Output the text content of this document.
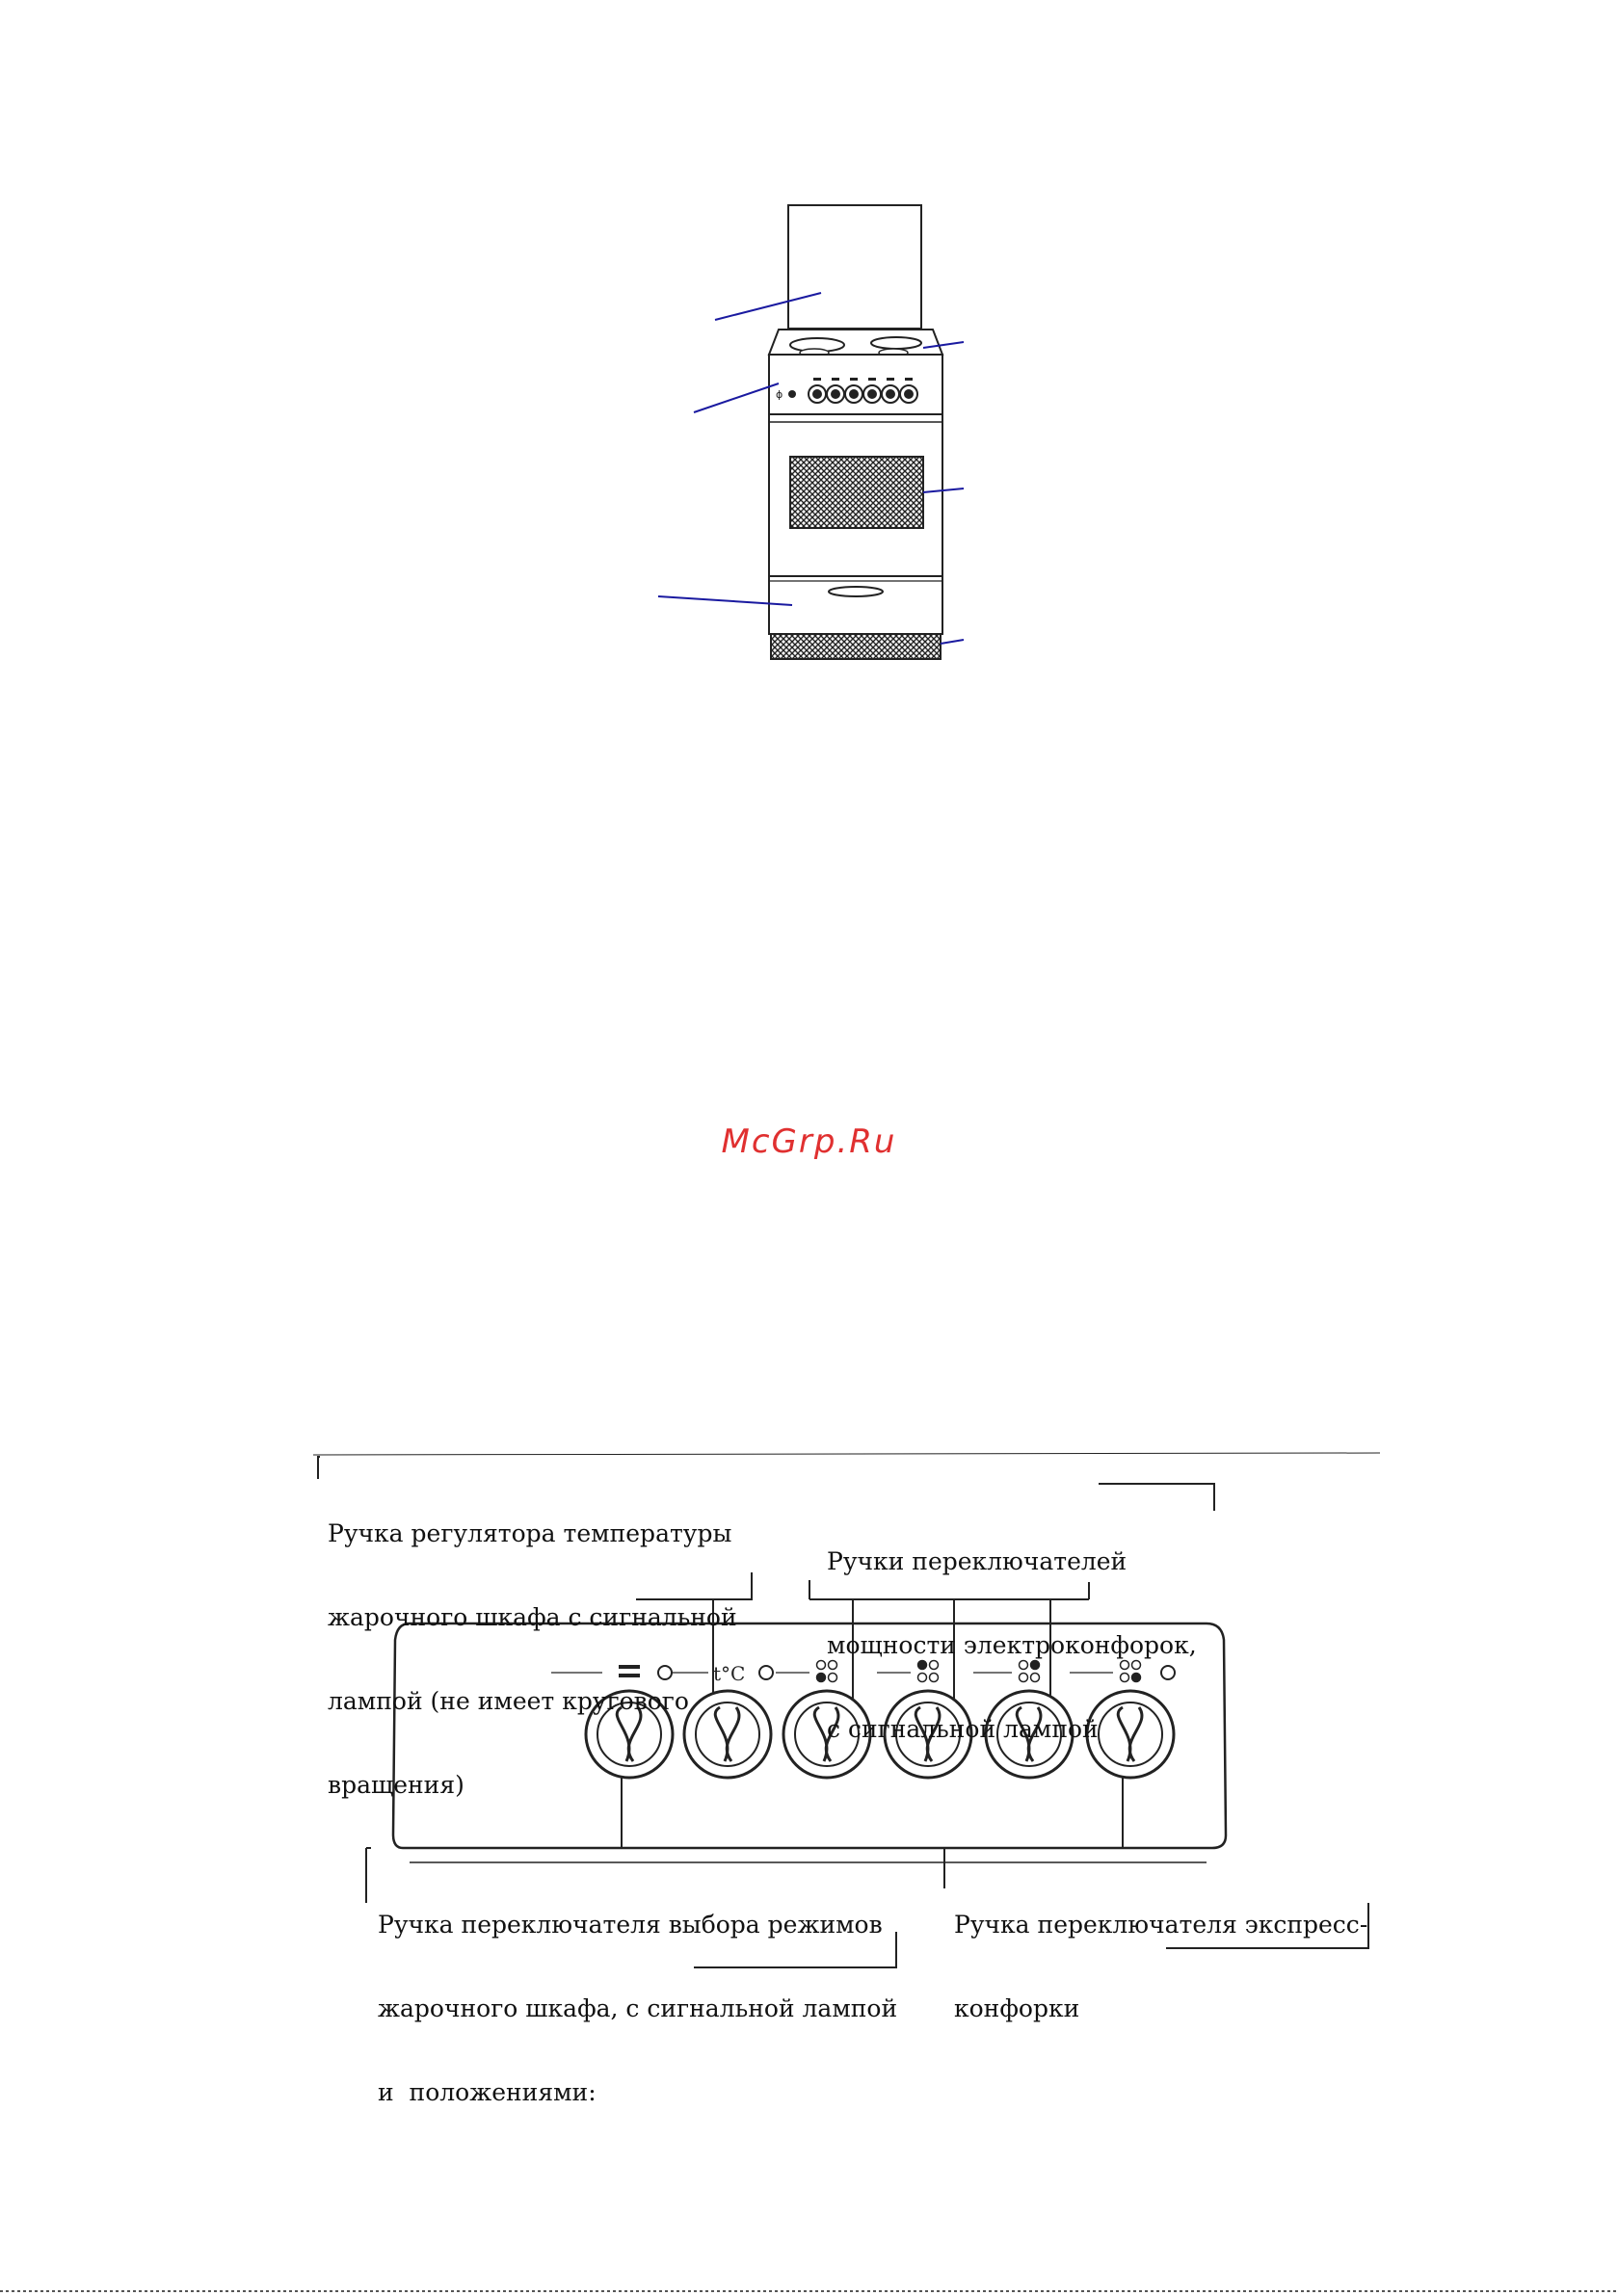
ɸ
McGrp.Ru
t°C

Ручка регулятора температуры

жарочного шкафа с сигнальной

лампой (не имеет кругового

вращения)

Ручки переключателей

мощности электроконфорок,

с сигнальной лампой

Ручка переключателя выбора режимов

жарочного шкафа, с сигнальной лампой

и  положениями:

Ручка переключателя экспресс-

конфорки
